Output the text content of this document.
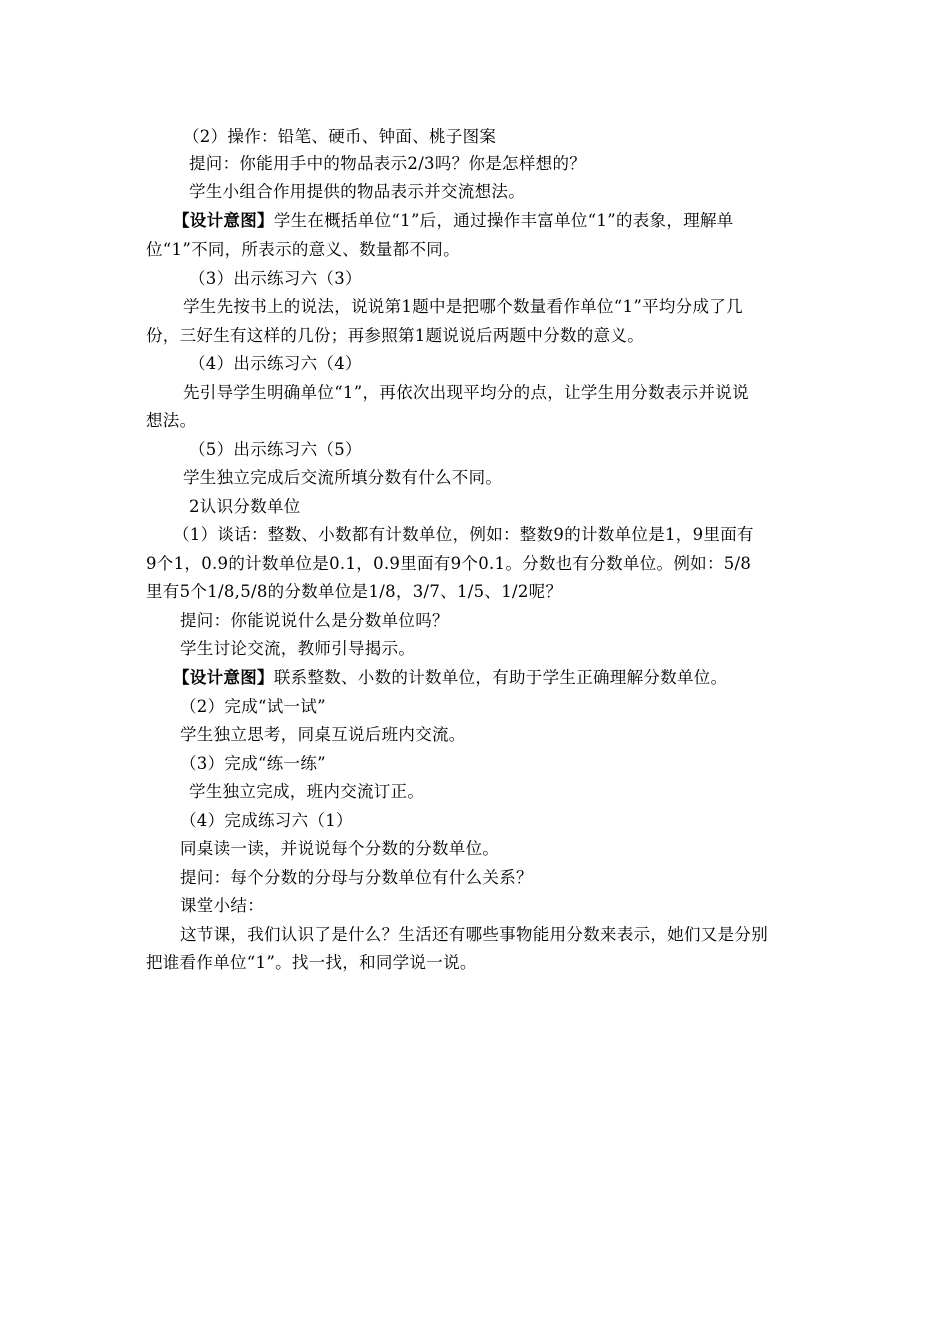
（2）操作：铅笔、硬币、钟面、桃子图案
提问：你能用手中的物品表示2/3吗？你是怎样想的？
学生小组合作用提供的物品表示并交流想法。
【设计意图】学生在概括单位“1”后，通过操作丰富单位“1”的表象，理解单
位“1”不同，所表示的意义、数量都不同。
（3）出示练习六（3）
学生先按书上的说法，说说第1题中是把哪个数量看作单位“1”平均分成了几
份，三好生有这样的几份；再参照第1题说说后两题中分数的意义。
（4）出示练习六（4）
先引导学生明确单位“1”，再依次出现平均分的点，让学生用分数表示并说说
想法。
（5）出示练习六（5）
学生独立完成后交流所填分数有什么不同。
2认识分数单位
（1）谈话：整数、小数都有计数单位，例如：整数9的计数单位是1，9里面有
9个1，0.9的计数单位是0.1，0.9里面有9个0.1。分数也有分数单位。例如：5/8
里有5个1/8,5/8的分数单位是1/8，3/7、1/5、1/2呢？
提问：你能说说什么是分数单位吗？
学生讨论交流，教师引导揭示。
【设计意图】联系整数、小数的计数单位，有助于学生正确理解分数单位。
（2）完成“试一试”
学生独立思考，同桌互说后班内交流。
（3）完成“练一练”
学生独立完成，班内交流订正。
（4）完成练习六（1）
同桌读一读，并说说每个分数的分数单位。
提问：每个分数的分母与分数单位有什么关系？
课堂小结：
这节课，我们认识了是什么？生活还有哪些事物能用分数来表示，她们又是分别
把谁看作单位“1”。找一找，和同学说一说。
